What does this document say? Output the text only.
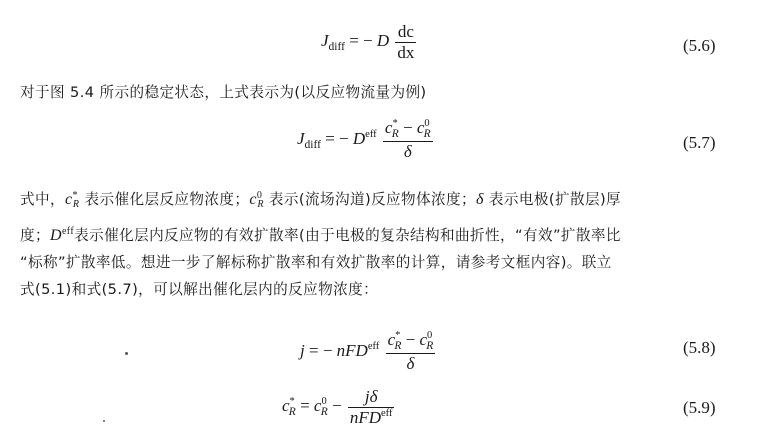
$J_{diff}$ = − D $\frac{dc}{dx}$	(5.6)
对于图 5.4 所示的稳定状态，上式表示为(以反应物流量为例)
$J_{diff}$ = − $D^{eff} \frac{c^*_R - c^0_R}{\delta}$	(5.7)
式中，$c^*_R$ 表示催化层反应物浓度；$c^0_R$ 表示(流场沟道)反应物体浓度；δ 表示电极(扩散层)厚
度；$D^{eff}$表示催化层内反应物的有效扩散率(由于电极的复杂结构和曲折性，“有效”扩散率比
“标称”扩散率低。想进一步了解标称扩散率和有效扩散率的计算，请参考文框内容)。联立
式(5.1)和式(5.7)，可以解出催化层内的反应物浓度：
j = − $nFD^{eff} \frac{c^*_R - c^0_R}{\delta}$	(5.8)
$c^*_R = c^0_R - \frac{j\delta}{nFD^{eff}}$	(5.9)
